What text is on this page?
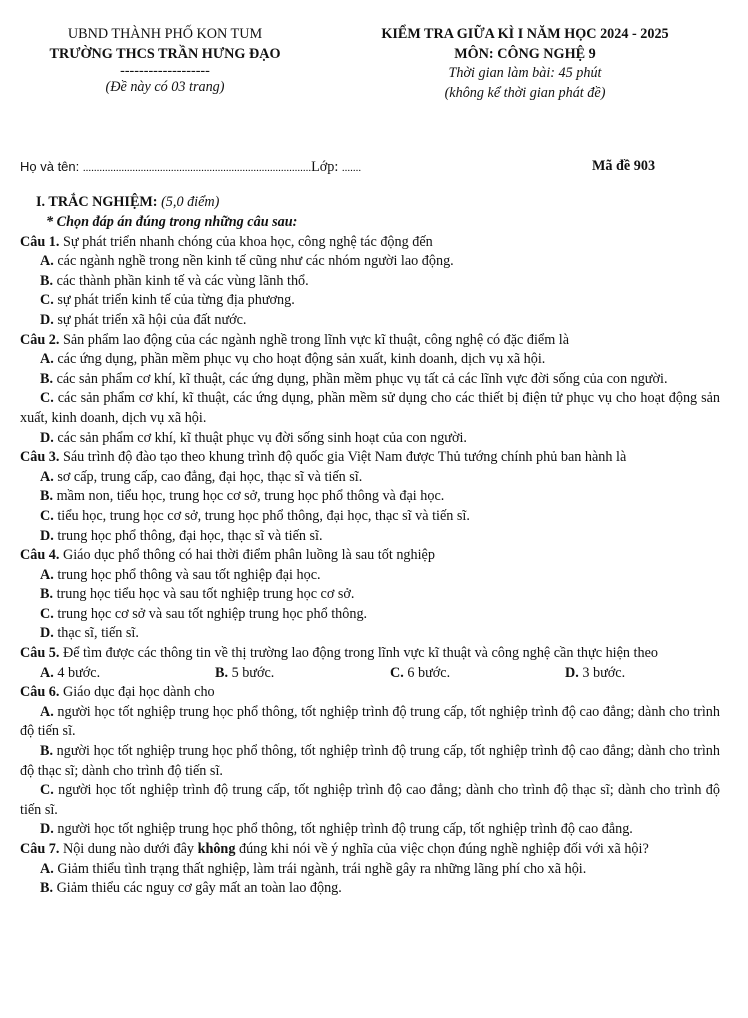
UBND THÀNH PHỐ KON TUM
TRƯỜNG THCS TRẦN HƯNG ĐẠO
-------------------
(Đề này có 03 trang)
KIỂM TRA GIỮA KÌ I NĂM HỌC 2024 - 2025
MÔN: CÔNG NGHỆ 9
Thời gian làm bài: 45 phút
(không kể thời gian phát đề)
Họ và tên: ...................................................................................Lớp: .......	Mã đề 903
I. TRẮC NGHIỆM: (5,0 điểm)
* Chọn đáp án đúng trong những câu sau:
Câu 1. Sự phát triển nhanh chóng của khoa học, công nghệ tác động đến
A. các ngành nghề trong nền kinh tế cũng như các nhóm người lao động.
B. các thành phần kinh tế và các vùng lãnh thổ.
C. sự phát triển kinh tế của từng địa phương.
D. sự phát triển xã hội của đất nước.
Câu 2. Sản phẩm lao động của các ngành nghề trong lĩnh vực kĩ thuật, công nghệ có đặc điểm là
A. các ứng dụng, phần mềm phục vụ cho hoạt động sản xuất, kinh doanh, dịch vụ xã hội.
B. các sản phẩm cơ khí, kĩ thuật, các ứng dụng, phần mềm phục vụ tất cả các lĩnh vực đời sống của con người.
C. các sản phẩm cơ khí, kĩ thuật, các ứng dụng, phần mềm sử dụng cho các thiết bị điện tử phục vụ cho hoạt động sản xuất, kinh doanh, dịch vụ xã hội.
D. các sản phẩm cơ khí, kĩ thuật phục vụ đời sống sinh hoạt của con người.
Câu 3. Sáu trình độ đào tạo theo khung trình độ quốc gia Việt Nam được Thủ tướng chính phủ ban hành là
A. sơ cấp, trung cấp, cao đẳng, đại học, thạc sĩ và tiến sĩ.
B. mầm non, tiểu học, trung học cơ sở, trung học phổ thông và đại học.
C. tiểu học, trung học cơ sở, trung học phổ thông, đại học, thạc sĩ và tiến sĩ.
D. trung học phổ thông, đại học, thạc sĩ và tiến sĩ.
Câu 4. Giáo dục phổ thông có hai thời điểm phân luồng là sau tốt nghiệp
A. trung học phổ thông và sau tốt nghiệp đại học.
B. trung học tiểu học và sau tốt nghiệp trung học cơ sở.
C. trung học cơ sở và sau tốt nghiệp trung học phổ thông.
D. thạc sĩ, tiến sĩ.
Câu 5. Để tìm được các thông tin về thị trường lao động trong lĩnh vực kĩ thuật và công nghệ cần thực hiện theo
A. 4 bước.	B. 5 bước.	C. 6 bước.	D. 3 bước.
Câu 6. Giáo dục đại học dành cho
A. người học tốt nghiệp trung học phổ thông, tốt nghiệp trình độ trung cấp, tốt nghiệp trình độ cao đẳng; dành cho trình độ tiến sĩ.
B. người học tốt nghiệp trung học phổ thông, tốt nghiệp trình độ trung cấp, tốt nghiệp trình độ cao đẳng; dành cho trình độ thạc sĩ; dành cho trình độ tiến sĩ.
C. người học tốt nghiệp trình độ trung cấp, tốt nghiệp trình độ cao đẳng; dành cho trình độ thạc sĩ; dành cho trình độ tiến sĩ.
D. người học tốt nghiệp trung học phổ thông, tốt nghiệp trình độ trung cấp, tốt nghiệp trình độ cao đẳng.
Câu 7. Nội dung nào dưới đây không đúng khi nói về ý nghĩa của việc chọn đúng nghề nghiệp đối với xã hội?
A. Giảm thiểu tình trạng thất nghiệp, làm trái ngành, trái nghề gây ra những lãng phí cho xã hội.
B. Giảm thiểu các nguy cơ gây mất an toàn lao động.
